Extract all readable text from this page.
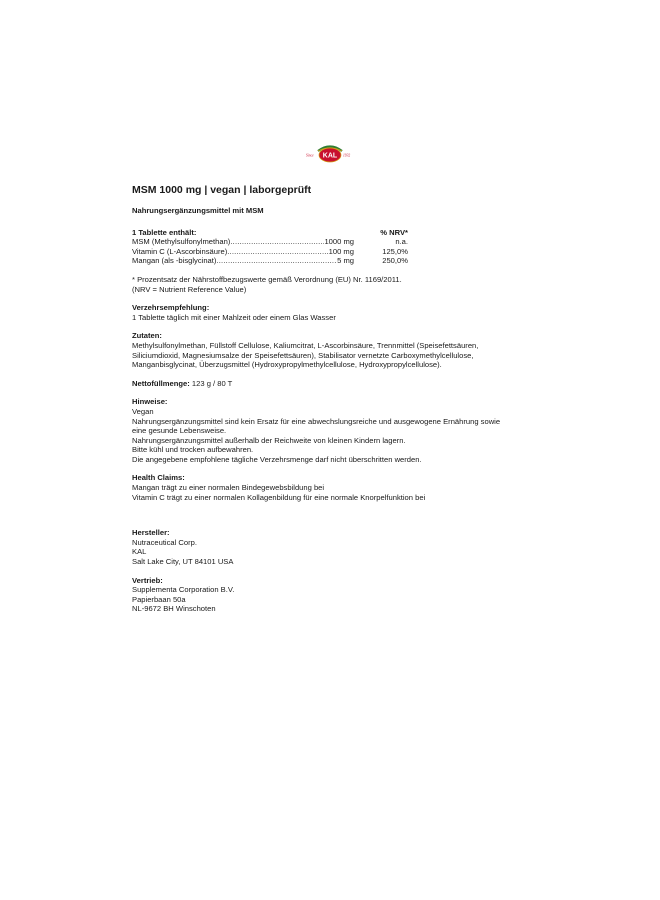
Since	1932
KAL
MSM 1000 mg | vegan | laborgeprüft
Nahrungsergänzungsmittel mit MSM
1 Tablette enthält:	% NRV*
MSM (Methylsulfonylmethan) .....	1000 mg	n.a.
Vitamin C (L-Ascorbinsäure) .....	100 mg	125,0%
Mangan (als -bisglycinat) .....	5 mg	250,0%
* Prozentsatz der Nährstoffbezugswerte gemäß Verordnung (EU) Nr. 1169/2011.
(NRV = Nutrient Reference Value)
Verzehrsempfehlung:
1 Tablette täglich mit einer Mahlzeit oder einem Glas Wasser
Zutaten:
Methylsulfonylmethan, Füllstoff Cellulose, Kaliumcitrat, L-Ascorbinsäure, Trennmittel (Speisefettsäuren,
Siliciumdioxid, Magnesiumsalze der Speisefettsäuren), Stabilisator vernetzte Carboxymethylcellulose,
Manganbisglycinat, Überzugsmittel (Hydroxypropylmethylcellulose, Hydroxypropylcellulose).
Nettofüllmenge: 123 g / 80 T
Hinweise:
Vegan
Nahrungsergänzungsmittel sind kein Ersatz für eine abwechslungsreiche und ausgewogene Ernährung sowie
eine gesunde Lebensweise.
Nahrungsergänzungsmittel außerhalb der Reichweite von kleinen Kindern lagern.
Bitte kühl und trocken aufbewahren.
Die angegebene empfohlene tägliche Verzehrsmenge darf nicht überschritten werden.
Health Claims:
Mangan trägt zu einer normalen Bindegewebsbildung bei
Vitamin C trägt zu einer normalen Kollagenbildung für eine normale Knorpelfunktion bei
Hersteller:
Nutraceutical Corp.
KAL
Salt Lake City, UT 84101 USA
Vertrieb:
Supplementa Corporation B.V.
Papierbaan 50a
NL-9672 BH Winschoten
